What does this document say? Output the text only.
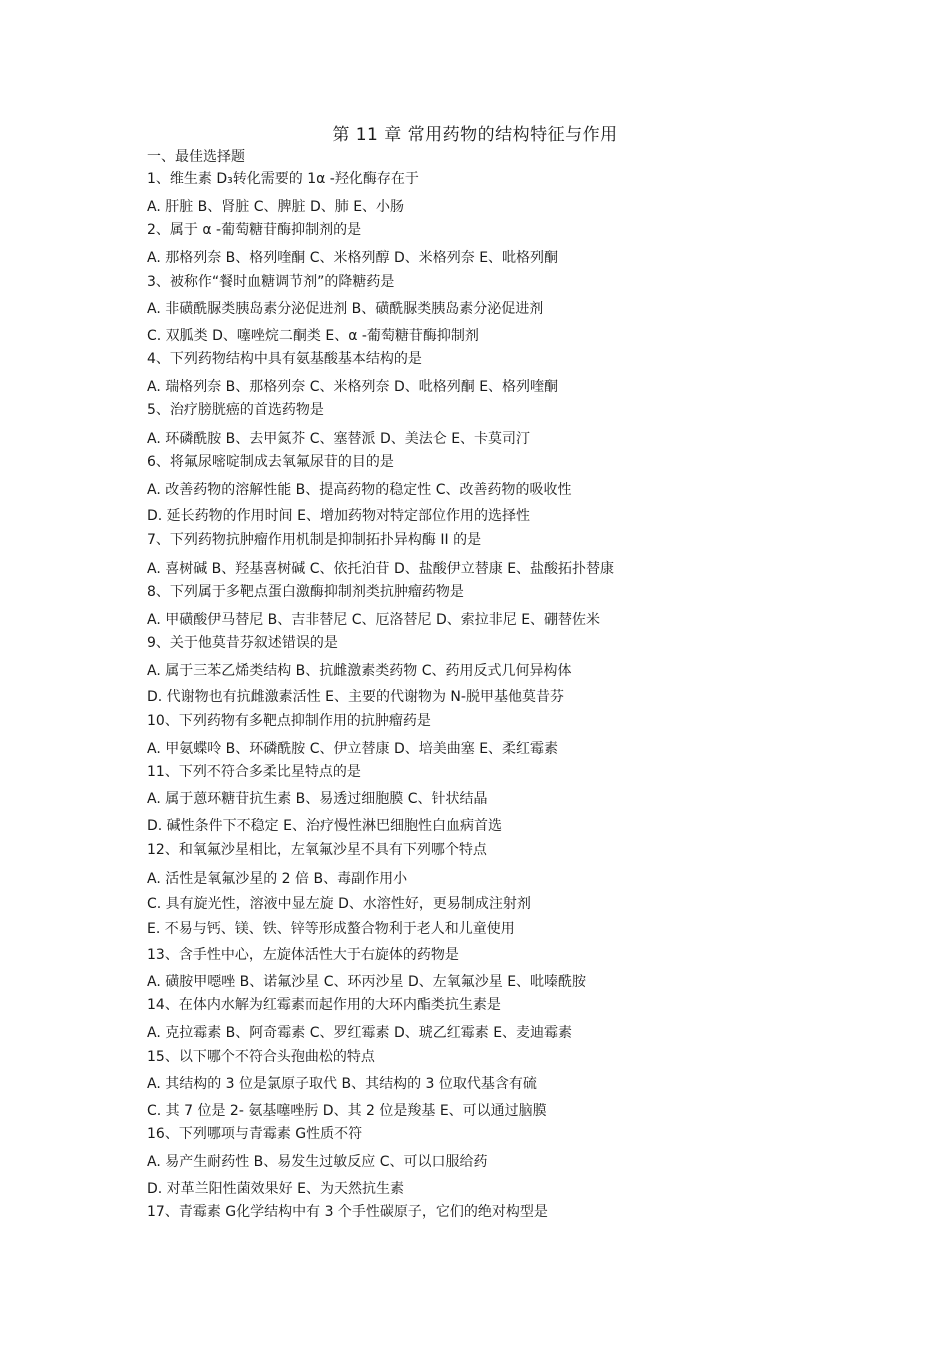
第 11 章 常用药物的结构特征与作用
一、最佳选择题
1、维生素 D₃转化需要的 1α -羟化酶存在于
A. 肝脏 B、肾脏 C、脾脏 D、肺 E、小肠
2、属于 α -葡萄糖苷酶抑制剂的是
A. 那格列奈 B、格列喹酮 C、米格列醇 D、米格列奈 E、吡格列酮
3、被称作“餐时血糖调节剂”的降糖药是
A. 非磺酰脲类胰岛素分泌促进剂 B、磺酰脲类胰岛素分泌促进剂
C. 双胍类 D、噻唑烷二酮类 E、α -葡萄糖苷酶抑制剂
4、下列药物结构中具有氨基酸基本结构的是
A. 瑞格列奈 B、那格列奈 C、米格列奈 D、吡格列酮 E、格列喹酮
5、治疗膀胱癌的首选药物是
A. 环磷酰胺 B、去甲氮芥 C、塞替派 D、美法仑 E、卡莫司汀
6、将氟尿嘧啶制成去氧氟尿苷的目的是
A. 改善药物的溶解性能 B、提高药物的稳定性 C、改善药物的吸收性
D. 延长药物的作用时间 E、增加药物对特定部位作用的选择性
7、下列药物抗肿瘤作用机制是抑制拓扑异构酶 II 的是
A. 喜树碱 B、羟基喜树碱 C、依托泊苷 D、盐酸伊立替康 E、盐酸拓扑替康
8、下列属于多靶点蛋白激酶抑制剂类抗肿瘤药物是
A. 甲磺酸伊马替尼 B、吉非替尼 C、厄洛替尼 D、索拉非尼 E、硼替佐米
9、关于他莫昔芬叙述错误的是
A. 属于三苯乙烯类结构 B、抗雌激素类药物 C、药用反式几何异构体
D. 代谢物也有抗雌激素活性 E、主要的代谢物为 N-脱甲基他莫昔芬
10、下列药物有多靶点抑制作用的抗肿瘤药是
A. 甲氨蝶呤 B、环磷酰胺 C、伊立替康 D、培美曲塞 E、柔红霉素
11、下列不符合多柔比星特点的是
A. 属于蒽环糖苷抗生素 B、易透过细胞膜 C、针状结晶
D. 碱性条件下不稳定 E、治疗慢性淋巴细胞性白血病首选
12、和氧氟沙星相比，左氧氟沙星不具有下列哪个特点
A. 活性是氧氟沙星的 2 倍 B、毒副作用小
C. 具有旋光性，溶液中显左旋 D、水溶性好，更易制成注射剂
E. 不易与钙、镁、铁、锌等形成螯合物利于老人和儿童使用
13、含手性中心，左旋体活性大于右旋体的药物是
A. 磺胺甲噁唑 B、诺氟沙星 C、环丙沙星 D、左氧氟沙星 E、吡嗪酰胺
14、在体内水解为红霉素而起作用的大环内酯类抗生素是
A. 克拉霉素 B、阿奇霉素 C、罗红霉素 D、琥乙红霉素 E、麦迪霉素
15、以下哪个不符合头孢曲松的特点
A. 其结构的 3 位是氯原子取代 B、其结构的 3 位取代基含有硫
C. 其 7 位是 2- 氨基噻唑肟 D、其 2 位是羧基 E、可以通过脑膜
16、下列哪项与青霉素 G性质不符
A. 易产生耐药性 B、易发生过敏反应 C、可以口服给药
D. 对革兰阳性菌效果好 E、为天然抗生素
17、青霉素 G化学结构中有 3 个手性碳原子，它们的绝对构型是
